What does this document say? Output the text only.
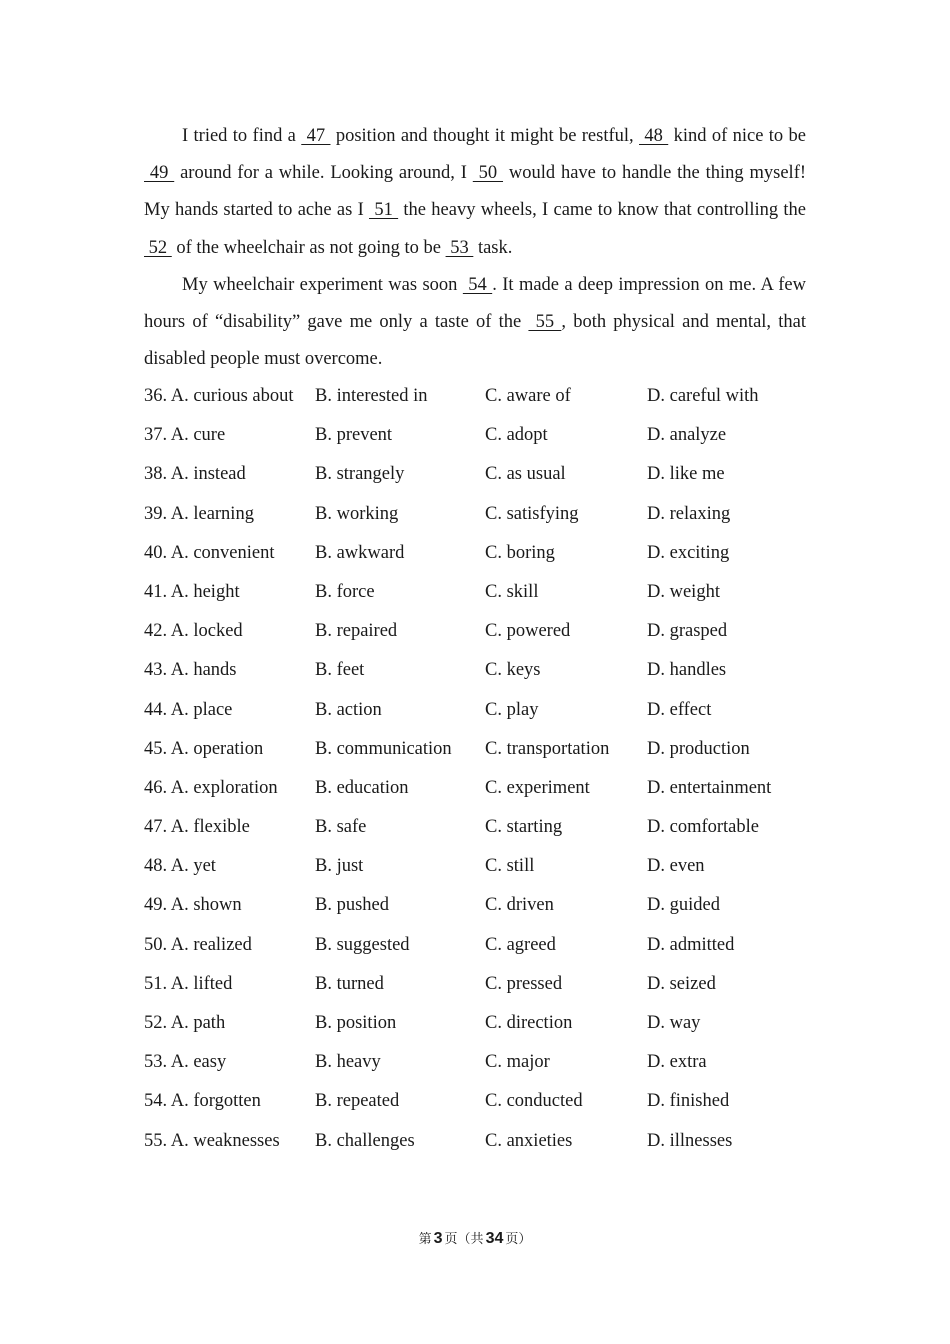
I tried to find a  47  position and thought it might be restful,  48  kind of nice to be  49  around for a while. Looking around, I  50  would have to handle the thing myself! My hands started to ache as I  51  the heavy wheels, I came to know that controlling the  52  of the wheelchair as not going to be  53  task.

My wheelchair experiment was soon  54 . It made a deep impression on me. A few hours of “disability” gave me only a taste of the  55 , both physical and mental, that disabled people must overcome.

36. A. curious about B. interested in	C. aware of	D. careful with
37. A. cure	B. prevent	C. adopt	D. analyze
38. A. instead	B. strangely	C. as usual	D. like me
39. A. learning	B. working	C. satisfying	D. relaxing
40. A. convenient B. awkward	C. boring	D. exciting
41. A. height	B. force	C. skill	D. weight
42. A. locked	B. repaired	C. powered	D. grasped
43. A. hands	B. feet	C. keys	D. handles
44. A. place	B. action	C. play	D. effect
45. A. operation	B. communication C. transportation D. production
46. A. exploration B. education	C. experiment	D. entertainment
47. A. flexible	B. safe	C. starting	D. comfortable
48. A. yet	B. just	C. still	D. even
49. A. shown	B. pushed	C. driven	D. guided
50. A. realized	B. suggested	C. agreed	D. admitted
51. A. lifted	B. turned	C. pressed	D. seized
52. A. path	B. position	C. direction	D. way
53. A. easy	B. heavy	C. major	D. extra
54. A. forgotten	B. repeated	C. conducted	D. finished
55. A. weaknesses B. challenges	C. anxieties	D. illnesses
第 3 页（共 34 页）
